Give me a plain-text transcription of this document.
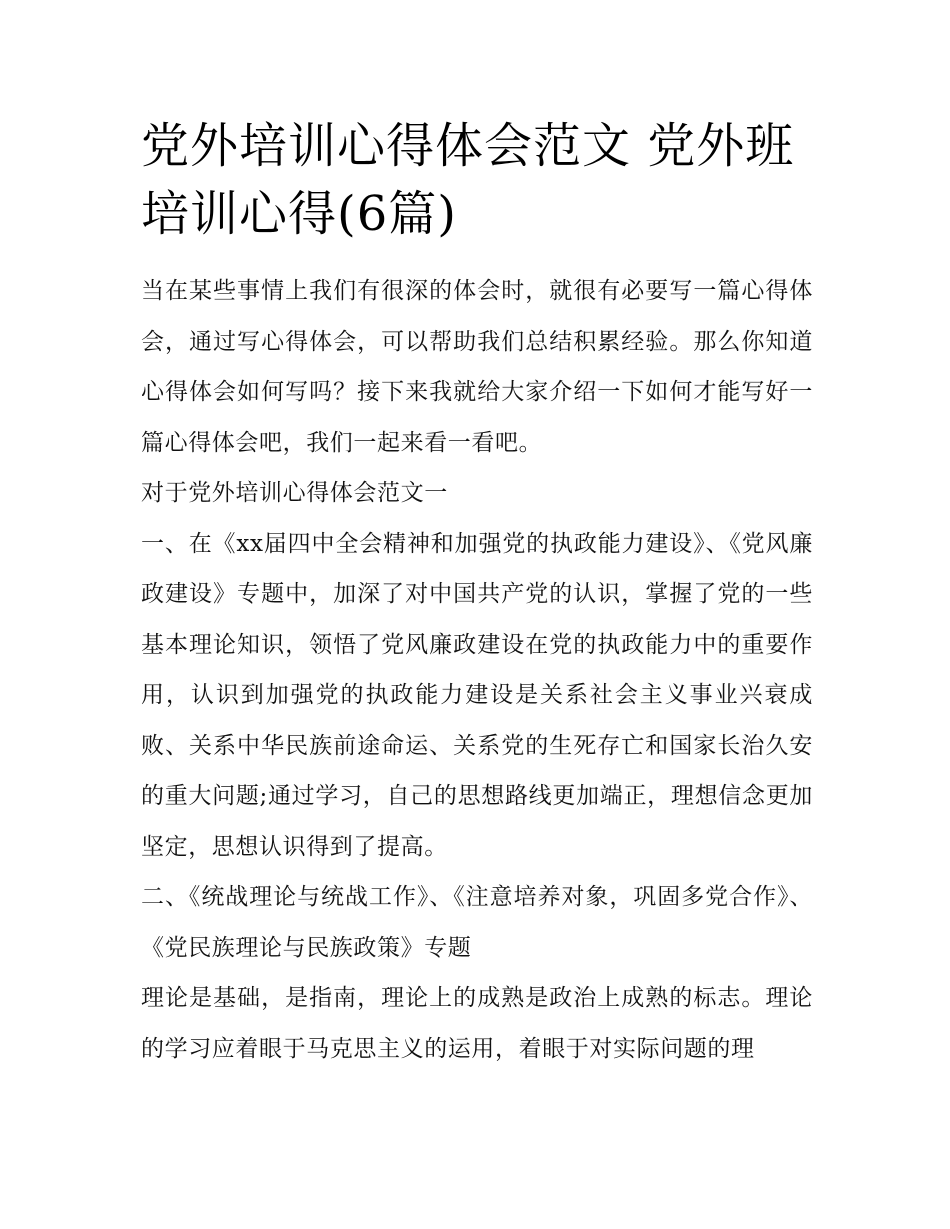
党外培训心得体会范文 党外班培训心得(6篇)

当在某些事情上我们有很深的体会时，就很有必要写一篇心得体会，通过写心得体会，可以帮助我们总结积累经验。那么你知道心得体会如何写吗？接下来我就给大家介绍一下如何才能写好一篇心得体会吧，我们一起来看一看吧。

对于党外培训心得体会范文一

一、在《xx届四中全会精神和加强党的执政能力建设》、《党风廉政建设》专题中，加深了对中国共产党的认识，掌握了党的一些基本理论知识，领悟了党风廉政建设在党的执政能力中的重要作用，认识到加强党的执政能力建设是关系社会主义事业兴衰成败、关系中华民族前途命运、关系党的生死存亡和国家长治久安的重大问题;通过学习，自己的思想路线更加端正，理想信念更加坚定，思想认识得到了提高。

二、《统战理论与统战工作》、《注意培养对象，巩固多党合作》、《党民族理论与民族政策》专题

理论是基础，是指南，理论上的成熟是政治上成熟的标志。理论的学习应着眼于马克思主义的运用，着眼于对实际问题的理
